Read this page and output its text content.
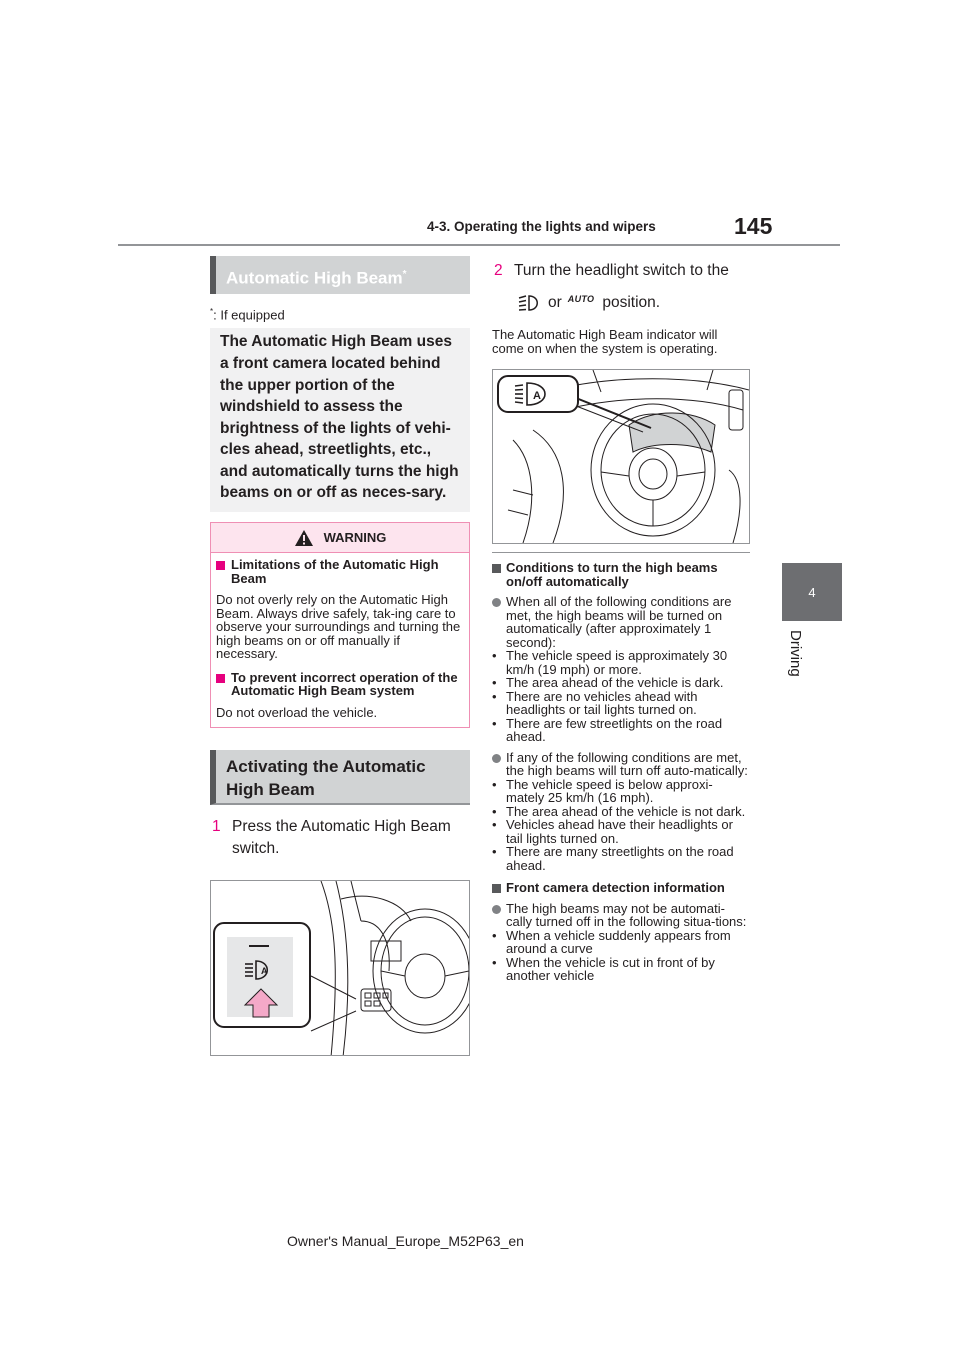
4-3. Operating the lights and wipers	145
4
Driving
Automatic High Beam*
*: If equipped
The Automatic High Beam uses a front camera located behind the upper portion of the windshield to assess the brightness of the lights of vehi-cles ahead, streetlights, etc., and automatically turns the high beams on or off as neces-sary.
WARNING
Limitations of the Automatic High Beam
Do not overly rely on the Automatic High Beam. Always drive safely, tak-ing care to observe your surroundings and turning the high beams on or off manually if necessary.
To prevent incorrect operation of the Automatic High Beam system
Do not overload the vehicle.
Activating the Automatic High Beam
1 Press the Automatic High Beam switch.
A
2 Turn the headlight switch to the
or AUTO position.
The Automatic High Beam indicator will come on when the system is operating.
A
Conditions to turn the high beams on/off automatically
When all of the following conditions are met, the high beams will be turned on automatically (after approximately 1 second):
• The vehicle speed is approximately 30 km/h (19 mph) or more.
• The area ahead of the vehicle is dark.
• There are no vehicles ahead with headlights or tail lights turned on.
• There are few streetlights on the road ahead.
If any of the following conditions are met, the high beams will turn off auto-matically:
• The vehicle speed is below approxi-mately 25 km/h (16 mph).
• The area ahead of the vehicle is not dark.
• Vehicles ahead have their headlights or tail lights turned on.
• There are many streetlights on the road ahead.
Front camera detection information
The high beams may not be automati-cally turned off in the following situa-tions:
• When a vehicle suddenly appears from around a curve
• When the vehicle is cut in front of by another vehicle
Owner's Manual_Europe_M52P63_en
